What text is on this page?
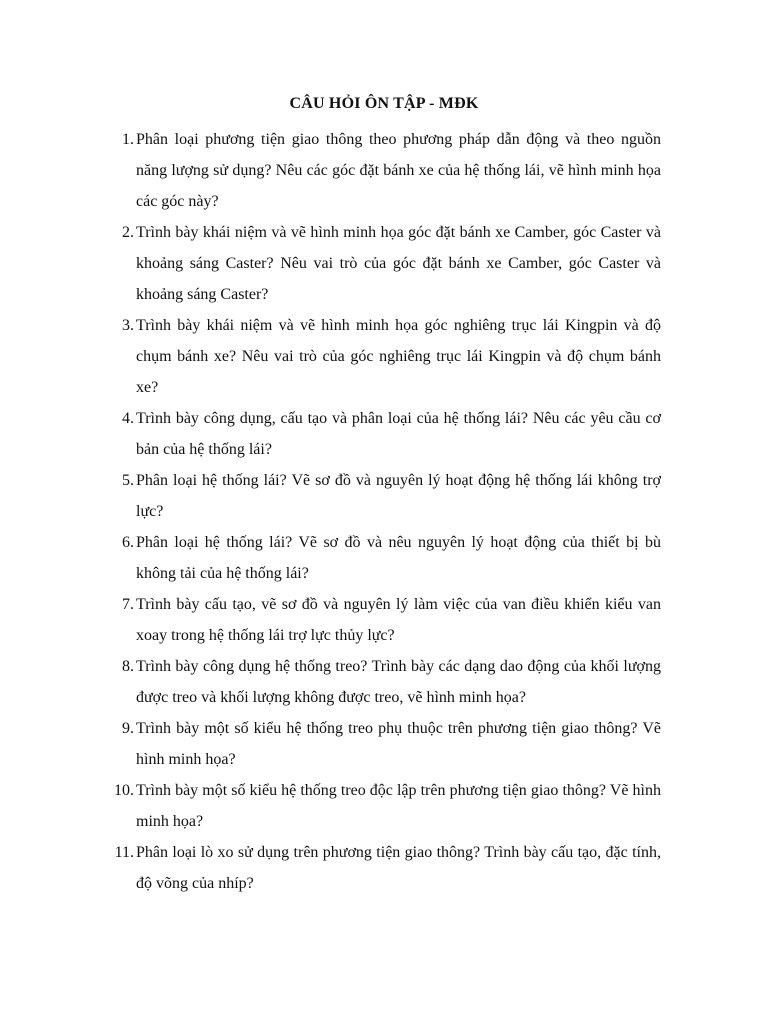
CÂU HỎI ÔN TẬP - MĐK
1. Phân loại phương tiện giao thông theo phương pháp dẫn động và theo nguồn năng lượng sử dụng? Nêu các góc đặt bánh xe của hệ thống lái, vẽ hình minh họa các góc này?
2. Trình bày khái niệm và vẽ hình minh họa góc đặt bánh xe Camber, góc Caster và khoảng sáng Caster? Nêu vai trò của góc đặt bánh xe Camber, góc Caster và khoảng sáng Caster?
3. Trình bày khái niệm và vẽ hình minh họa góc nghiêng trục lái Kingpin và độ chụm bánh xe? Nêu vai trò của góc nghiêng trục lái Kingpin và độ chụm bánh xe?
4. Trình bày công dụng, cấu tạo và phân loại của hệ thống lái? Nêu các yêu cầu cơ bản của hệ thống lái?
5. Phân loại hệ thống lái? Vẽ sơ đồ và nguyên lý hoạt động hệ thống lái không trợ lực?
6. Phân loại hệ thống lái? Vẽ sơ đồ và nêu nguyên lý hoạt động của thiết bị bù không tải của hệ thống lái?
7. Trình bày cấu tạo, vẽ sơ đồ và nguyên lý làm việc của van điều khiển kiểu van xoay trong hệ thống lái trợ lực thủy lực?
8. Trình bày công dụng hệ thống treo? Trình bày các dạng dao động của khối lượng được treo và khối lượng không được treo, vẽ hình minh họa?
9. Trình bày một số kiểu hệ thống treo phụ thuộc trên phương tiện giao thông? Vẽ hình minh họa?
10. Trình bày một số kiểu hệ thống treo độc lập trên phương tiện giao thông? Vẽ hình minh họa?
11. Phân loại lò xo sử dụng trên phương tiện giao thông? Trình bày cấu tạo, đặc tính, độ võng của nhíp?
